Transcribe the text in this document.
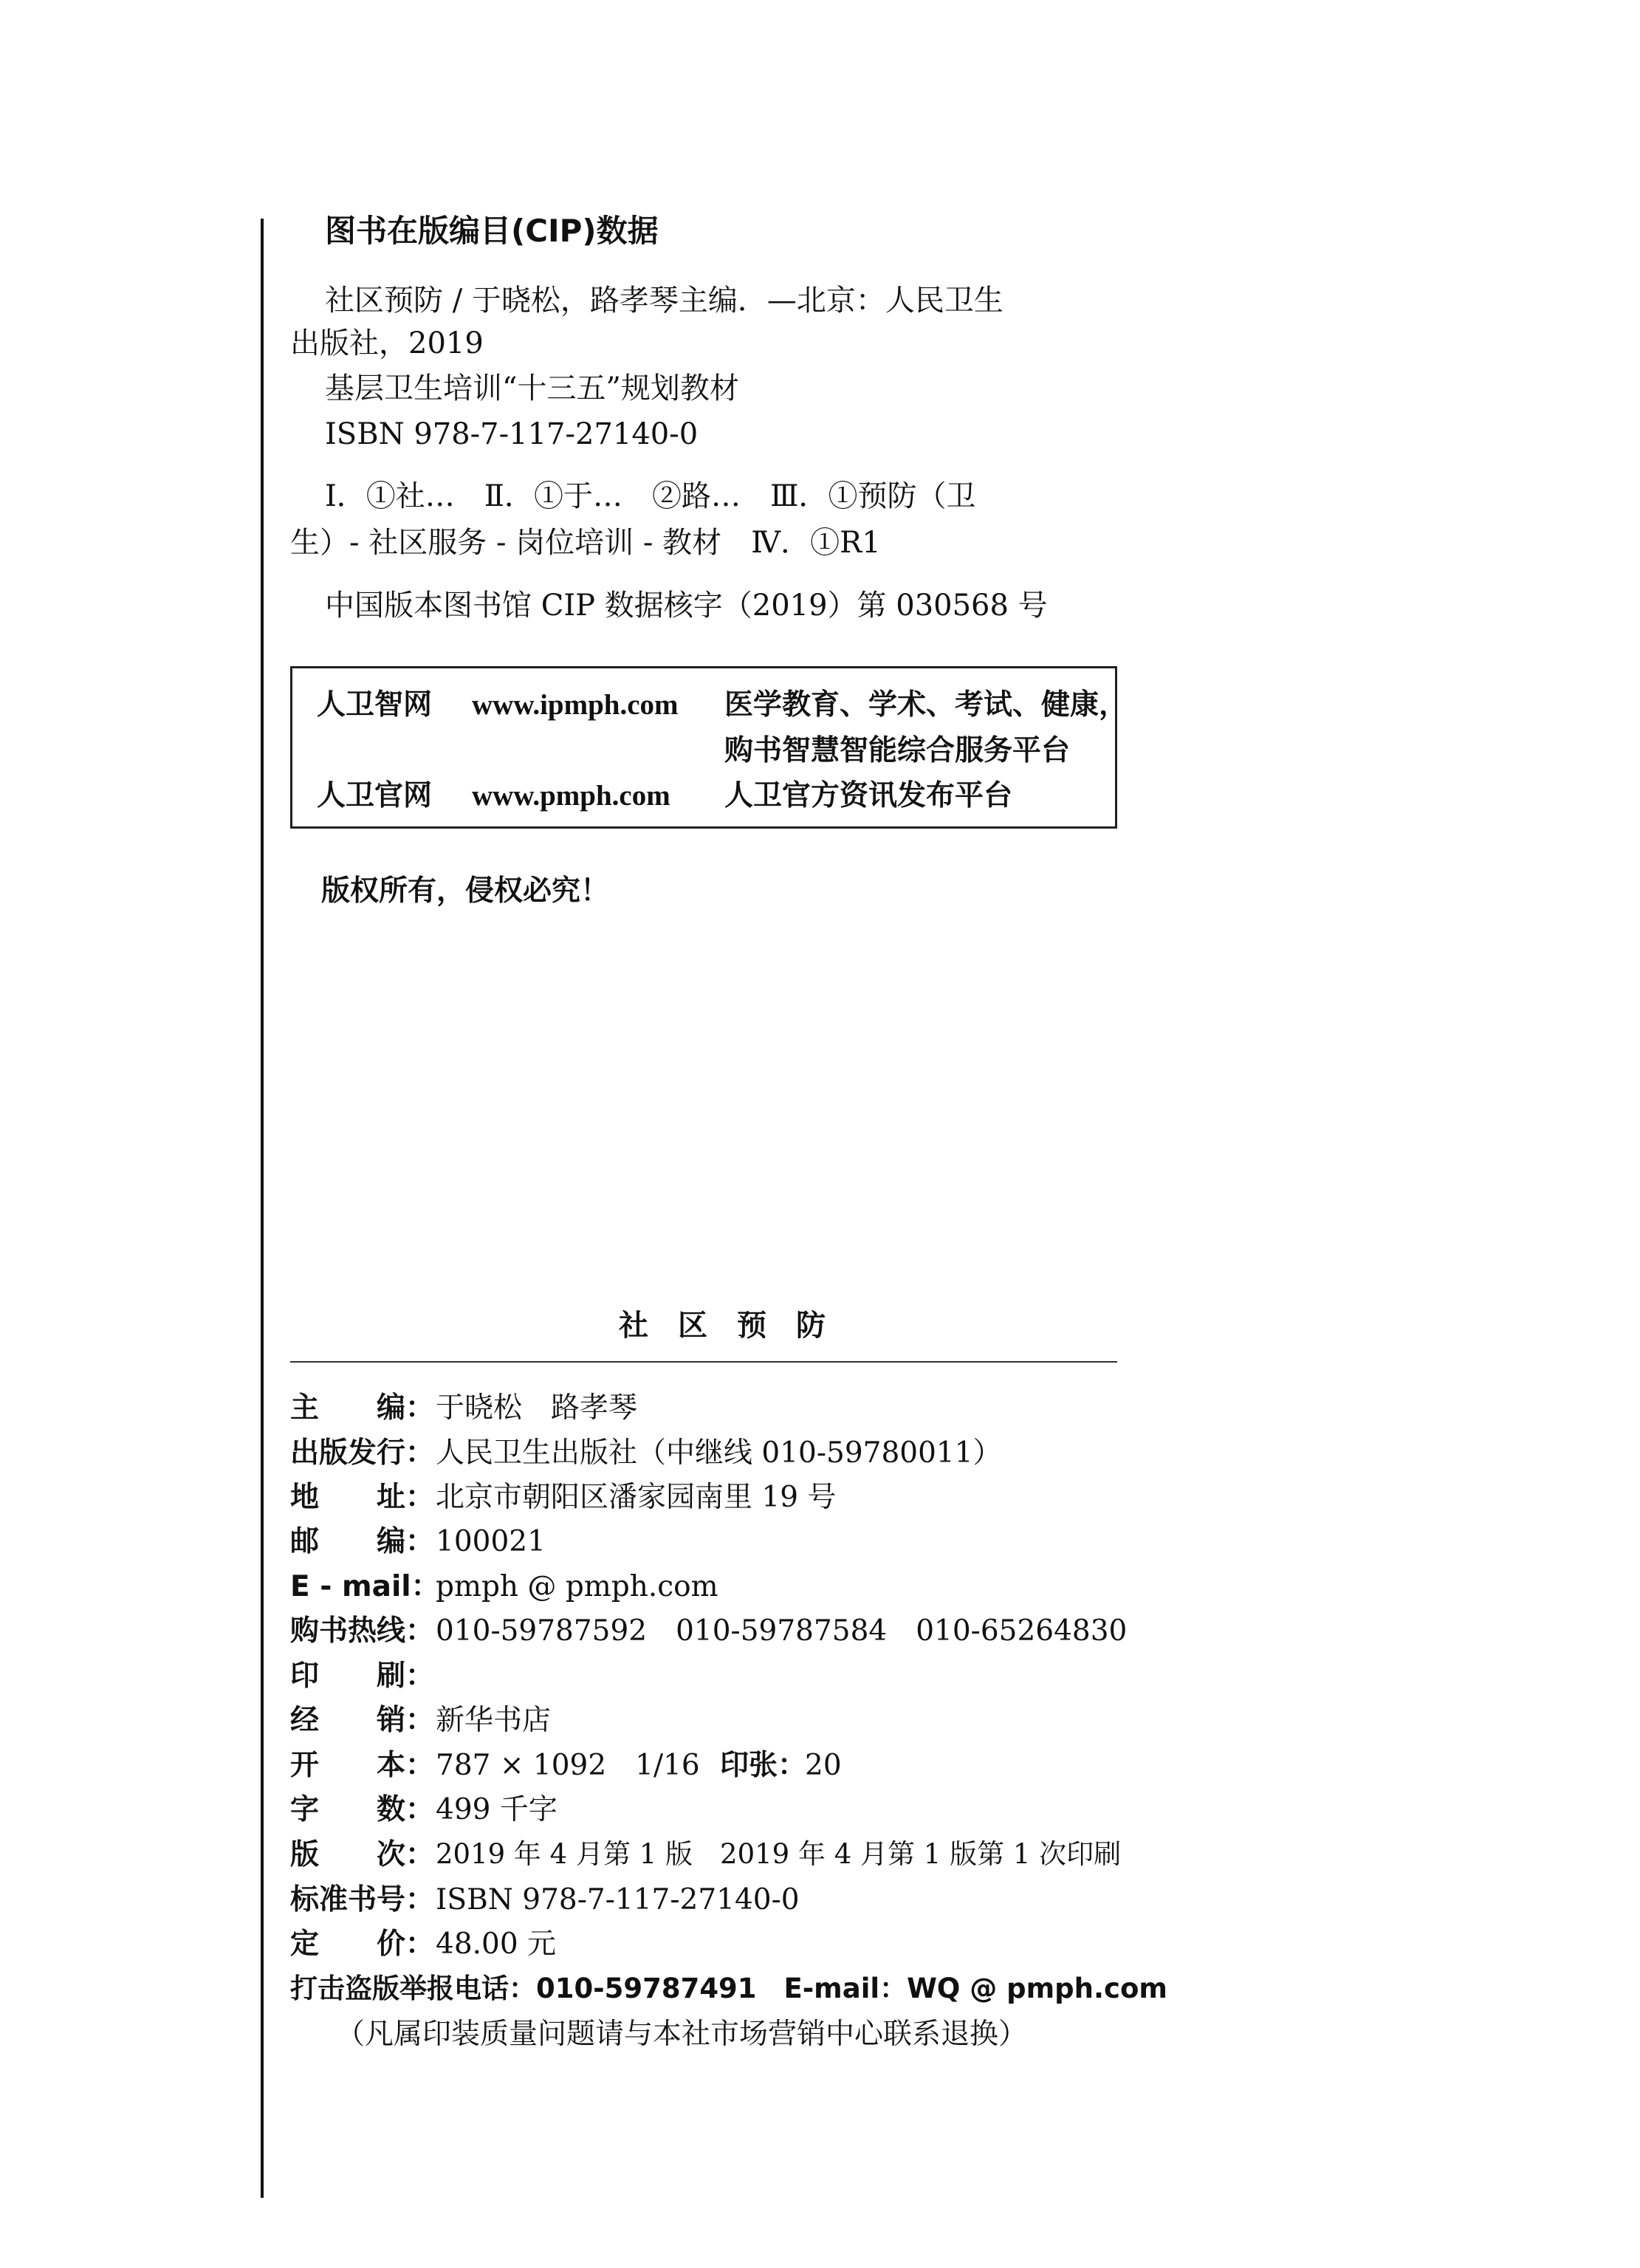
图书在版编目(CIP)数据
社区预防 / 于晓松，路孝琴主编．—北京：人民卫生
出版社，2019
基层卫生培训“十三五”规划教材
ISBN 978-7-117-27140-0
Ⅰ．①社…　Ⅱ．①于…　②路…　Ⅲ．①预防（卫
生）- 社区服务 - 岗位培训 - 教材　Ⅳ．①R1
中国版本图书馆 CIP 数据核字（2019）第 030568 号
人卫智网 www.ipmph.com 医学教育、学术、考试、健康，
购书智慧智能综合服务平台
人卫官网 www.pmph.com 人卫官方资讯发布平台
版权所有，侵权必究！
社　区　预　防
主　　编： 于晓松　路孝琴
出版发行： 人民卫生出版社（中继线 010-59780011）
地　　址： 北京市朝阳区潘家园南里 19 号
邮　　编： 100021
E - mail：
pmph @ pmph.com
购书热线： 010-59787592　010-59787584　010-65264830
印　　刷：
经　　销： 新华书店
开　　本： 787 × 1092　1/16 印张：
20
字　　数： 499 千字
版　　次： 2019 年 4 月第 1 版　2019 年 4 月第 1 版第 1 次印刷
标准书号： ISBN 978-7-117-27140-0
定　　价： 48.00 元
打击盗版举报电话：010-59787491　E-mail：WQ @ pmph.com
（凡属印装质量问题请与本社市场营销中心联系退换）
